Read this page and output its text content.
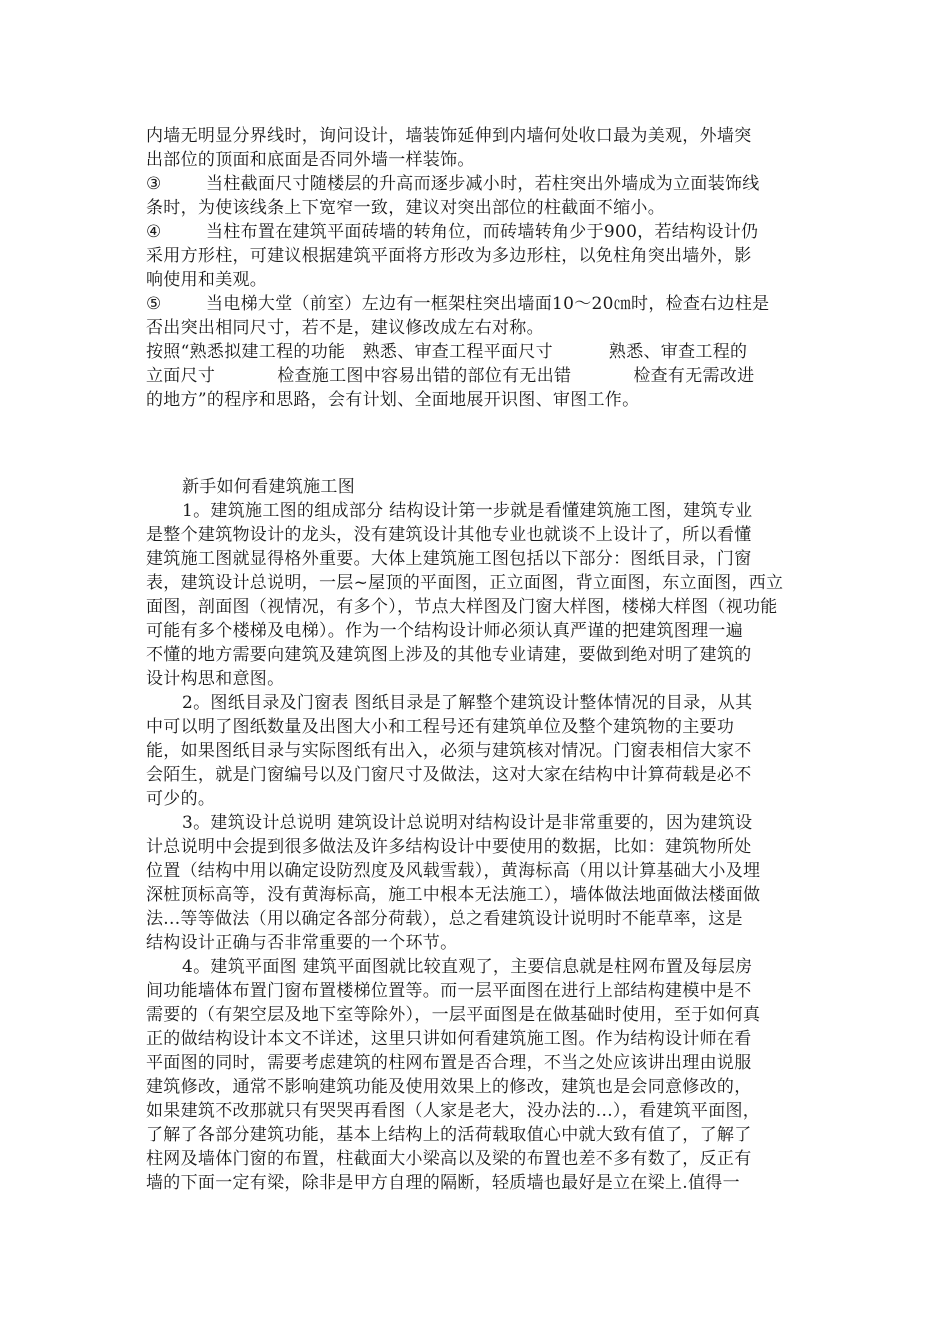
内墙无明显分界线时，询问设计，墙装饰延伸到内墙何处收口最为美观，外墙突
出部位的顶面和底面是否同外墙一样装饰。
③	当柱截面尺寸随楼层的升高而逐步减小时，若柱突出外墙成为立面装饰线
条时，为使该线条上下宽窄一致，建议对突出部位的柱截面不缩小。
④	当柱布置在建筑平面砖墙的转角位，而砖墙转角少于900，若结构设计仍
采用方形柱，可建议根据建筑平面将方形改为多边形柱，以免柱角突出墙外，影
响使用和美观。
⑤	当电梯大堂（前室）左边有一框架柱突出墙面10～20㎝时，检查右边柱是
否出突出相同尺寸，若不是，建议修改成左右对称。
按照“熟悉拟建工程的功能　熟悉、审查工程平面尺寸	熟悉、审查工程的
立面尺寸	检查施工图中容易出错的部位有无出错	检查有无需改进
的地方”的程序和思路，会有计划、全面地展开识图、审图工作。
新手如何看建筑施工图
1。建筑施工图的组成部分 结构设计第一步就是看懂建筑施工图，建筑专业
是整个建筑物设计的龙头，没有建筑设计其他专业也就谈不上设计了，所以看懂
建筑施工图就显得格外重要。大体上建筑施工图包括以下部分：图纸目录，门窗
表，建筑设计总说明，一层~屋顶的平面图，正立面图，背立面图，东立面图，西立
面图，剖面图（视情况，有多个），节点大样图及门窗大样图，楼梯大样图（视功能
可能有多个楼梯及电梯）。作为一个结构设计师必须认真严谨的把建筑图理一遍
不懂的地方需要向建筑及建筑图上涉及的其他专业请建，要做到绝对明了建筑的
设计构思和意图。
2。图纸目录及门窗表 图纸目录是了解整个建筑设计整体情况的目录，从其
中可以明了图纸数量及出图大小和工程号还有建筑单位及整个建筑物的主要功
能，如果图纸目录与实际图纸有出入，必须与建筑核对情况。门窗表相信大家不
会陌生，就是门窗编号以及门窗尺寸及做法，这对大家在结构中计算荷载是必不
可少的。
3。建筑设计总说明 建筑设计总说明对结构设计是非常重要的，因为建筑设
计总说明中会提到很多做法及许多结构设计中要使用的数据，比如：建筑物所处
位置（结构中用以确定设防烈度及风载雪载），黄海标高（用以计算基础大小及埋
深桩顶标高等，没有黄海标高，施工中根本无法施工），墙体做法地面做法楼面做
法...等等做法（用以确定各部分荷载），总之看建筑设计说明时不能草率，这是
结构设计正确与否非常重要的一个环节。
4。建筑平面图 建筑平面图就比较直观了，主要信息就是柱网布置及每层房
间功能墙体布置门窗布置楼梯位置等。而一层平面图在进行上部结构建模中是不
需要的（有架空层及地下室等除外），一层平面图是在做基础时使用，至于如何真
正的做结构设计本文不详述，这里只讲如何看建筑施工图。作为结构设计师在看
平面图的同时，需要考虑建筑的柱网布置是否合理，不当之处应该讲出理由说服
建筑修改，通常不影响建筑功能及使用效果上的修改，建筑也是会同意修改的，
如果建筑不改那就只有哭哭再看图（人家是老大，没办法的...），看建筑平面图，
了解了各部分建筑功能，基本上结构上的活荷载取值心中就大致有值了，了解了
柱网及墙体门窗的布置，柱截面大小梁高以及梁的布置也差不多有数了，反正有
墙的下面一定有梁，除非是甲方自理的隔断，轻质墙也最好是立在梁上.值得一
